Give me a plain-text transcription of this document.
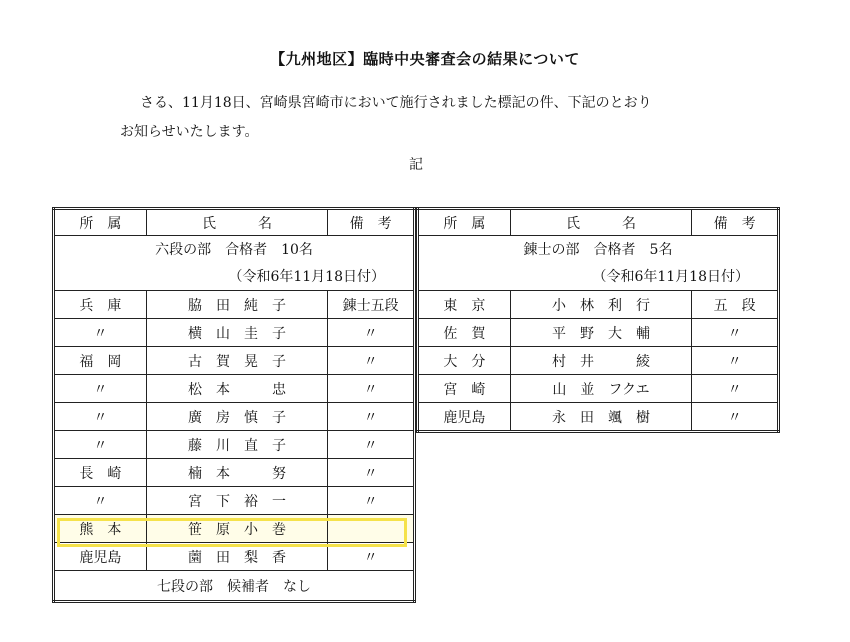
【九州地区】臨時中央審査会の結果について
さる、11月18日、宮崎県宮崎市において施行されました標記の件、下記のとおり
お知らせいたします。
記
所　属	氏　　　名	備　考
六段の部　合格者　10名		
（令和6年11月18日付）		
兵　庫	脇　田　純　子	錬士五段
〃	横　山　圭　子	〃
福　岡	古　賀　晃　子	〃
〃	松　本　　　忠	〃
〃	廣　房　慎　子	〃
〃	藤　川　直　子	〃
長　崎	楠　本　　　努	〃
〃	宮　下　裕　一	〃
熊　本	笹　原　小　巻	
鹿児島	薗　田　梨　香	〃
七段の部　候補者　なし		
所　属	氏　　　名	備　考
錬士の部　合格者　5名		
（令和6年11月18日付）		
東　京	小　林　利　行	五　段
佐　賀	平　野　大　輔	〃
大　分	村　井　　　綾	〃
宮　崎	山　並　フクエ	〃
鹿児島	永　田　颯　樹	〃
